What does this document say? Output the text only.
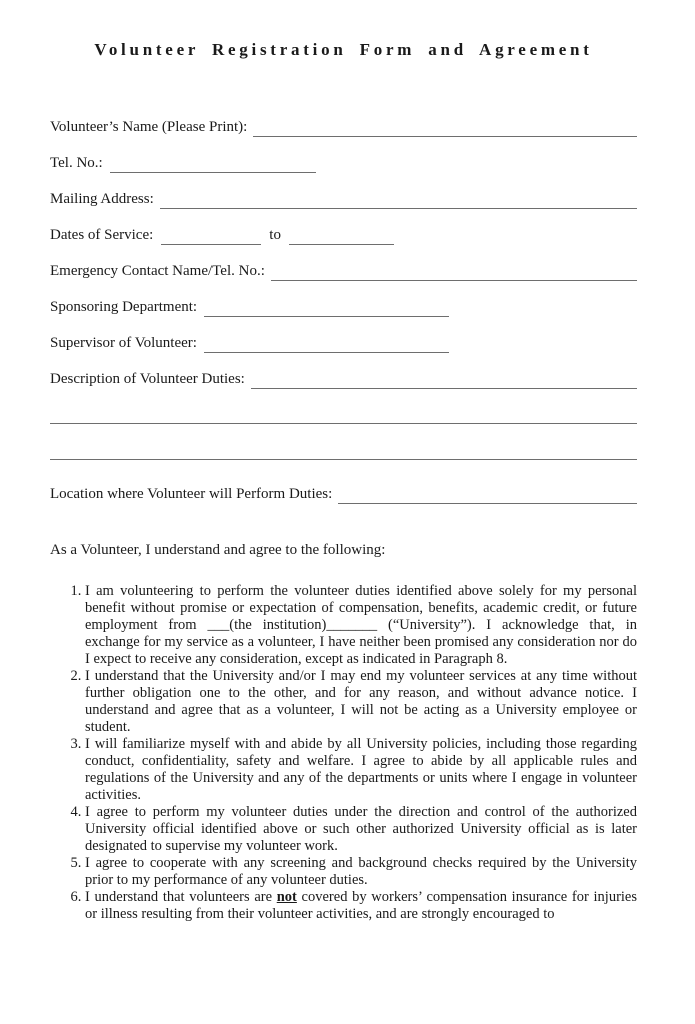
Volunteer Registration Form and Agreement
Volunteer’s Name (Please Print):
Tel. No.:
Mailing Address:
Dates of Service:	to
Emergency Contact Name/Tel. No.:
Sponsoring Department:
Supervisor of Volunteer:
Description of Volunteer Duties:
Location where Volunteer will Perform Duties:

As a Volunteer, I understand and agree to the following:

1. I am volunteering to perform the volunteer duties identified above solely for my personal benefit without promise or expectation of compensation, benefits, academic credit, or future employment from ___(the institution)_______ (“University”). I acknowledge that, in exchange for my service as a volunteer, I have neither been promised any consideration nor do I expect to receive any consideration, except as indicated in Paragraph 8.
2. I understand that the University and/or I may end my volunteer services at any time without further obligation one to the other, and for any reason, and without advance notice. I understand and agree that as a volunteer, I will not be acting as a University employee or student.
3. I will familiarize myself with and abide by all University policies, including those regarding conduct, confidentiality, safety and welfare. I agree to abide by all applicable rules and regulations of the University and any of the departments or units where I engage in volunteer activities.
4. I agree to perform my volunteer duties under the direction and control of the authorized University official identified above or such other authorized University official as is later designated to supervise my volunteer work.
5. I agree to cooperate with any screening and background checks required by the University prior to my performance of any volunteer duties.
6. I understand that volunteers are not covered by workers’ compensation insurance for injuries or illness resulting from their volunteer activities, and are strongly encouraged to
